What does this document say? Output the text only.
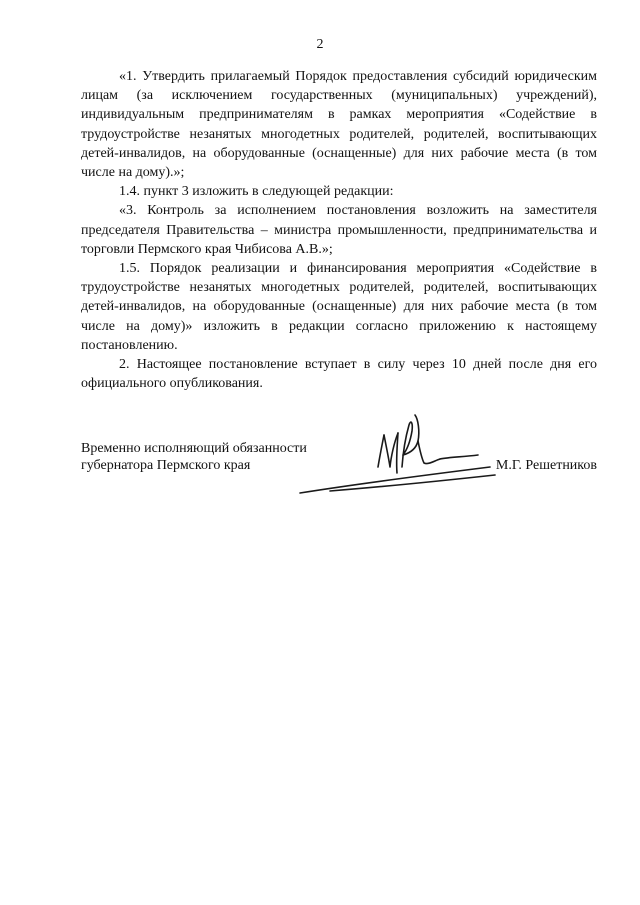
2

«1. Утвердить прилагаемый Порядок предоставления субсидий юридическим лицам (за исключением государственных (муниципальных) учреждений), индивидуальным предпринимателям в рамках мероприятия «Содействие в трудоустройстве незанятых многодетных родителей, родителей, воспитывающих детей-инвалидов, на оборудованные (оснащенные) для них рабочие места (в том числе на дому).»;

1.4. пункт 3 изложить в следующей редакции:

«3. Контроль за исполнением постановления возложить на заместителя председателя Правительства – министра промышленности, предпринимательства и торговли Пермского края Чибисова А.В.»;

1.5. Порядок реализации и финансирования мероприятия «Содействие в трудоустройстве незанятых многодетных родителей, родителей, воспитывающих детей-инвалидов, на оборудованные (оснащенные) для них рабочие места (в том числе на дому)» изложить в редакции согласно приложению к настоящему постановлению.

2. Настоящее постановление вступает в силу через 10 дней после дня его официального опубликования.

Временно исполняющий обязанности
губернатора Пермского края	М.Г. Решетников
